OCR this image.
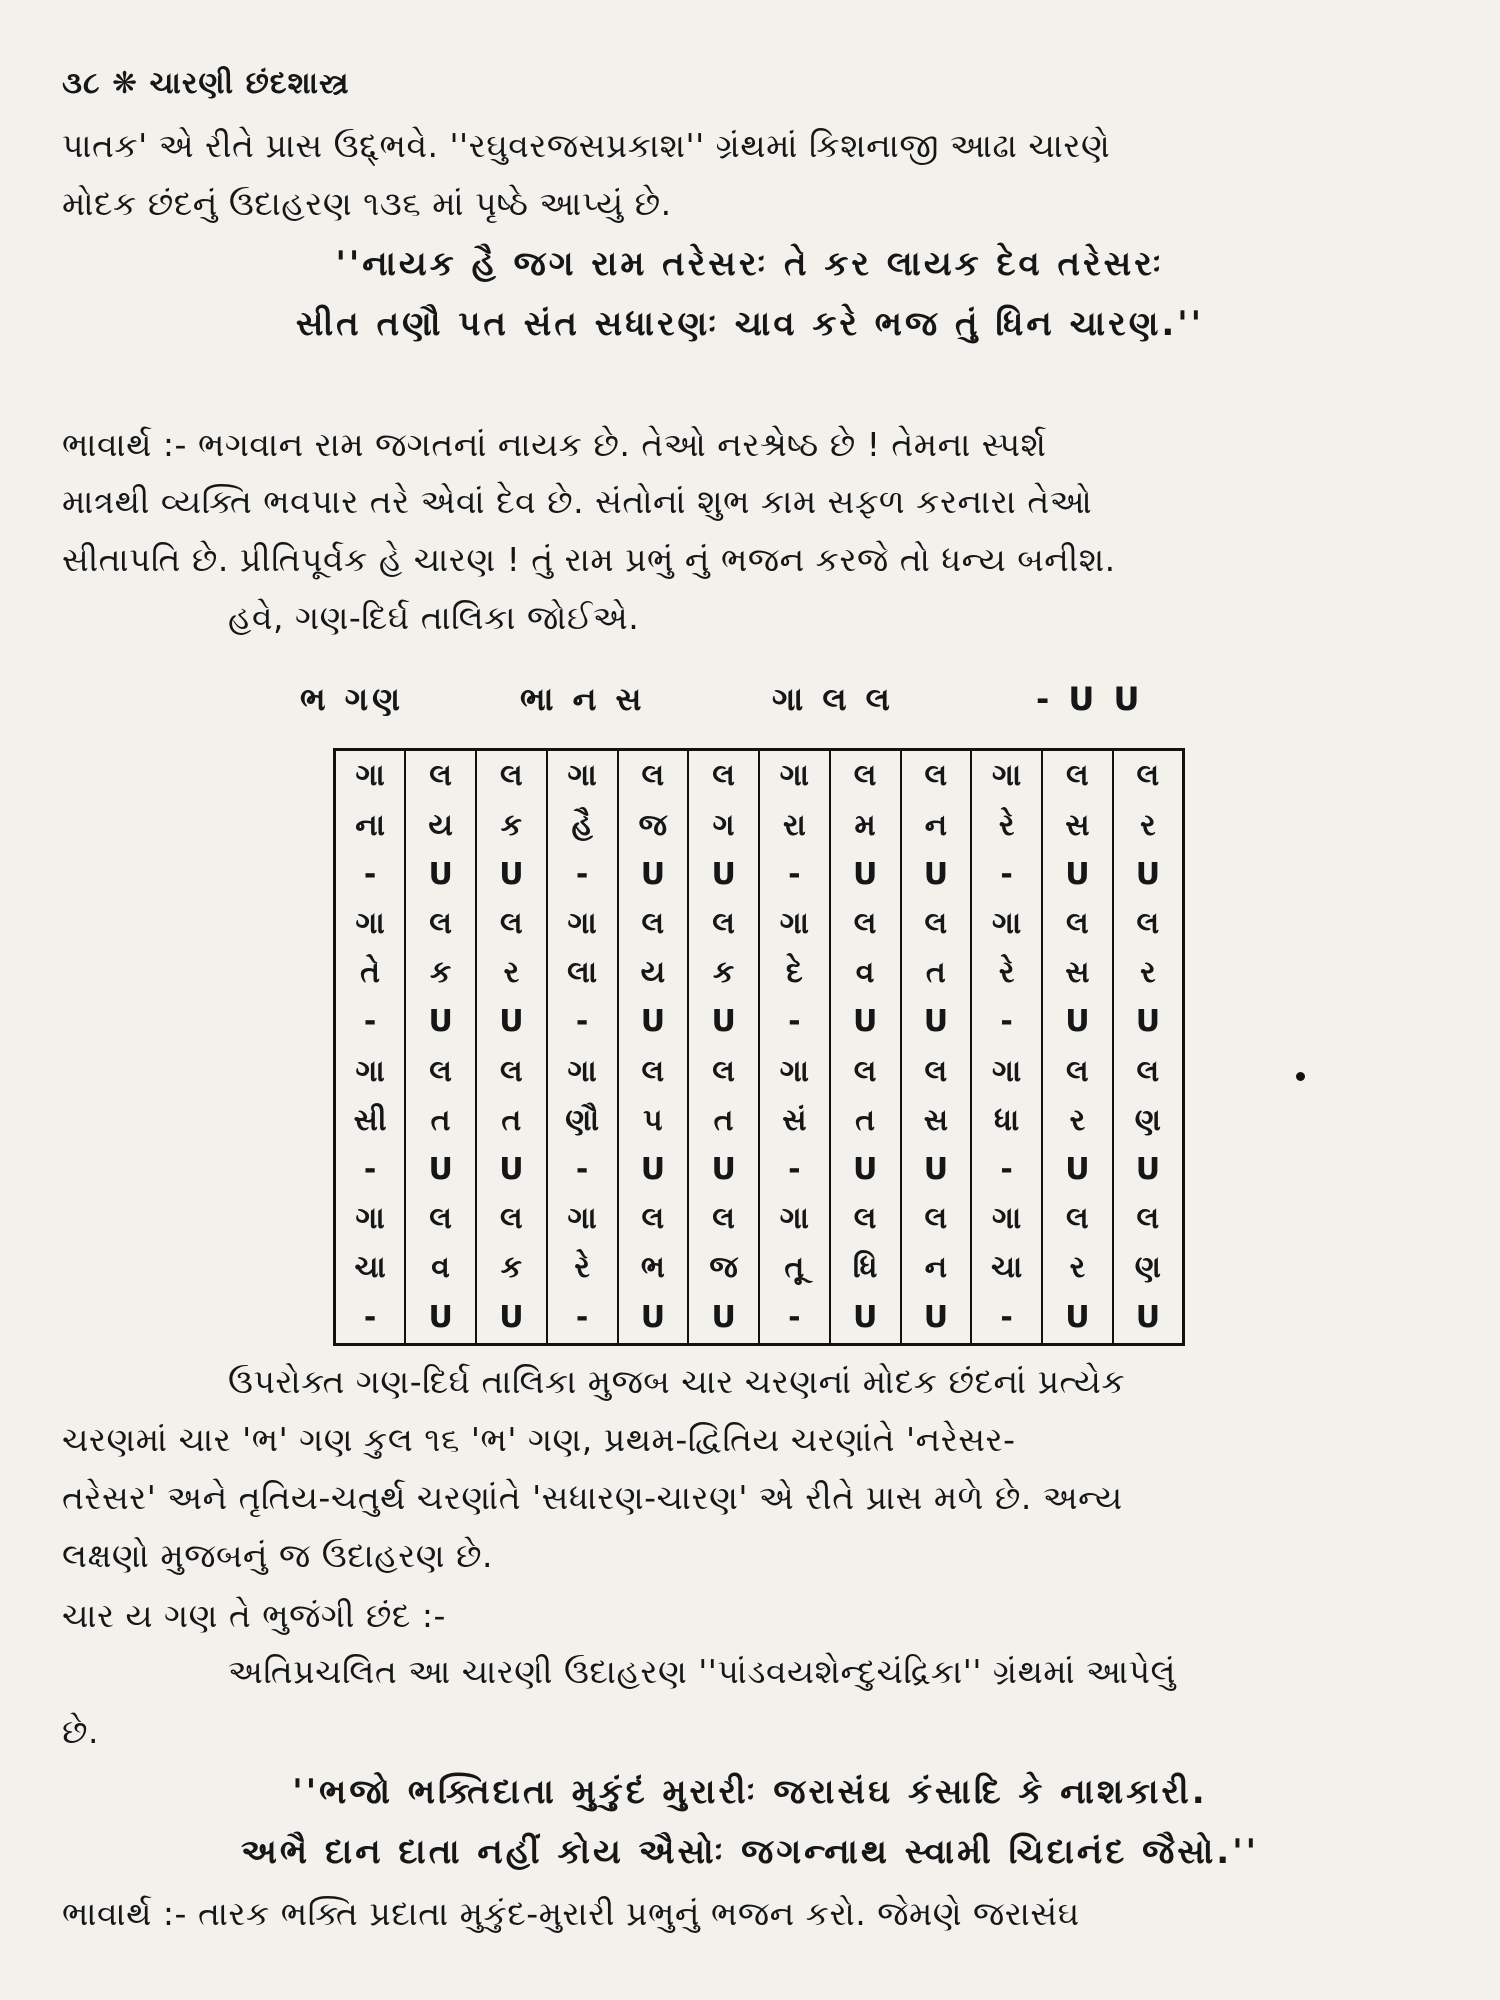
૩૮ ❋ ચારણી છંદશાસ્ત્ર
પાતક' એ રીતે પ્રાસ ઉદ્દ્ભવે. ''રઘુવરજસપ્રકાશ'' ગ્રંથમાં કિશનાજી આઢા ચારણે
મોદક છંદનું ઉદાહરણ ૧૩૬ માં પૃષ્ઠે આપ્યું છે.
''નાયક હૈ જગ રામ તરેસરઃ તે કર લાયક દેવ તરેસરઃ
સીત તણૌ પત સંત સધારણઃ ચાવ કરે ભજ તું ધિન ચારણ.''
ભાવાર્થ :- ભગવાન રામ જગતનાં નાયક છે. તેઓ નરશ્રેષ્ઠ છે ! તેમના સ્પર્શ
માત્રથી વ્યક્તિ ભવપાર તરે એવાં દેવ છે. સંતોનાં શુભ કામ સફળ કરનારા તેઓ
સીતાપતિ છે. પ્રીતિપૂર્વક હે ચારણ ! તું રામ પ્રભું નું ભજન કરજે તો ધન્ય બનીશ.
હવે, ગણ-દિર્ઘ તાલિકા જોઈએ.
ભ ગણ	ભા ન સ	ગા લ લ	- U U
ગા	લ	લ	ગા	લ	લ	ગા	લ	લ	ગા	લ	લ
ના	ય	ક	હૈ	જ	ગ	રા	મ	ન	રે	સ	ર
-	U	U	-	U	U	-	U	U	-	U	U
ગા	લ	લ	ગા	લ	લ	ગા	લ	લ	ગા	લ	લ
તે	ક	ર	લા	ય	ક	દે	વ	ત	રે	સ	ર
-	U	U	-	U	U	-	U	U	-	U	U
ગા	લ	લ	ગા	લ	લ	ગા	લ	લ	ગા	લ	લ
સી	ત	ત	ણૌ	પ	ત	સં	ત	સ	ધા	ર	ણ
-	U	U	-	U	U	-	U	U	-	U	U
ગા	લ	લ	ગા	લ	લ	ગા	લ	લ	ગા	લ	લ
ચા	વ	ક	રે	ભ	જ	તૂ	ધિ	ન	ચા	ર	ણ
-	U	U	-	U	U	-	U	U	-	U	U
ઉપરોક્ત ગણ-દિર્ઘ તાલિકા મુજબ ચાર ચરણનાં મોદક છંદનાં પ્રત્યેક
ચરણમાં ચાર 'ભ' ગણ કુલ ૧૬ 'ભ' ગણ, પ્રથમ-દ્વિતિય ચરણાંતે 'નરેસર-
તરેસર' અને તૃતિય-ચતુર્થ ચરણાંતે 'સધારણ-ચારણ' એ રીતે પ્રાસ મળે છે. અન્ય
લક્ષણો મુજબનું જ ઉદાહરણ છે.
ચાર ય ગણ તે ભુજંગી છંદ :-
અતિપ્રચલિત આ ચારણી ઉદાહરણ ''પાંડવયશેન્દુચંદ્રિકા'' ગ્રંથમાં આપેલું
છે.
''ભજો ભક્તિદાતા મુકુંદં મુરારીઃ જરાસંઘ કંસાદિ કે નાશકારી.
અભૈ દાન દાતા નહીં કોય ઐસોઃ જગન્નાથ સ્વામી ચિદાનંદ જૈસો.''
ભાવાર્થ :- તારક ભક્તિ પ્રદાતા મુકુંદ-મુરારી પ્રભુનું ભજન કરો. જેમણે જરાસંઘ
